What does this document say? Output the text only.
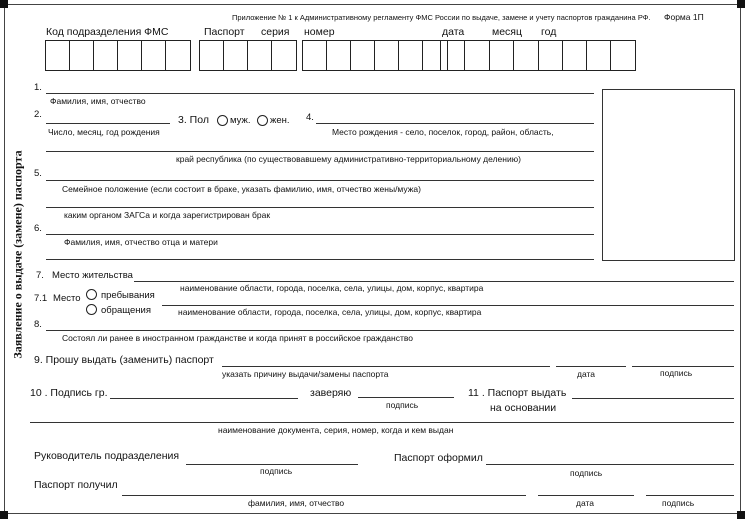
Приложение № 1 к Административному регламенту ФМС России по выдаче, замене и учету паспортов гражданина РФ. Форма 1П
Код подразделения ФМС	Паспорт серия номер	дата	месяц год
Заявление о выдаче (замене) паспорта
1.
Фамилия, имя, отчество
2.
Число, месяц, год рождения
3. Пол муж. жен. 4.
Место рождения - село, поселок, город, район, область,
край республика (по существовавшему административно-территориальному делению)
5.
Семейное положение (если состоит в браке, указать фамилию, имя, отчество жены/мужа)
каким органом ЗАГСа и когда зарегистрирован брак
6.
Фамилия, имя, отчество отца и матери
7. Место жительства
наименование области, города, поселка, села, улицы, дом, корпус, квартира
7.1 Место пребывания
обращения	наименование области, города, поселка, села, улицы, дом, корпус, квартира
8.
Состоял ли ранее в иностранном гражданстве и когда принят в российское гражданство
9. Прошу выдать (заменить) паспорт
указать причину выдачи/замены паспорта	дата	подпись
10 . Подпись гр.	заверяю
подпись
11 . Паспорт выдать
на основании
наименование документа, серия, номер, когда и кем выдан
Руководитель подразделения
подпись
Паспорт оформил
подпись
Паспорт получил
фамилия, имя, отчество	дата	подпись
